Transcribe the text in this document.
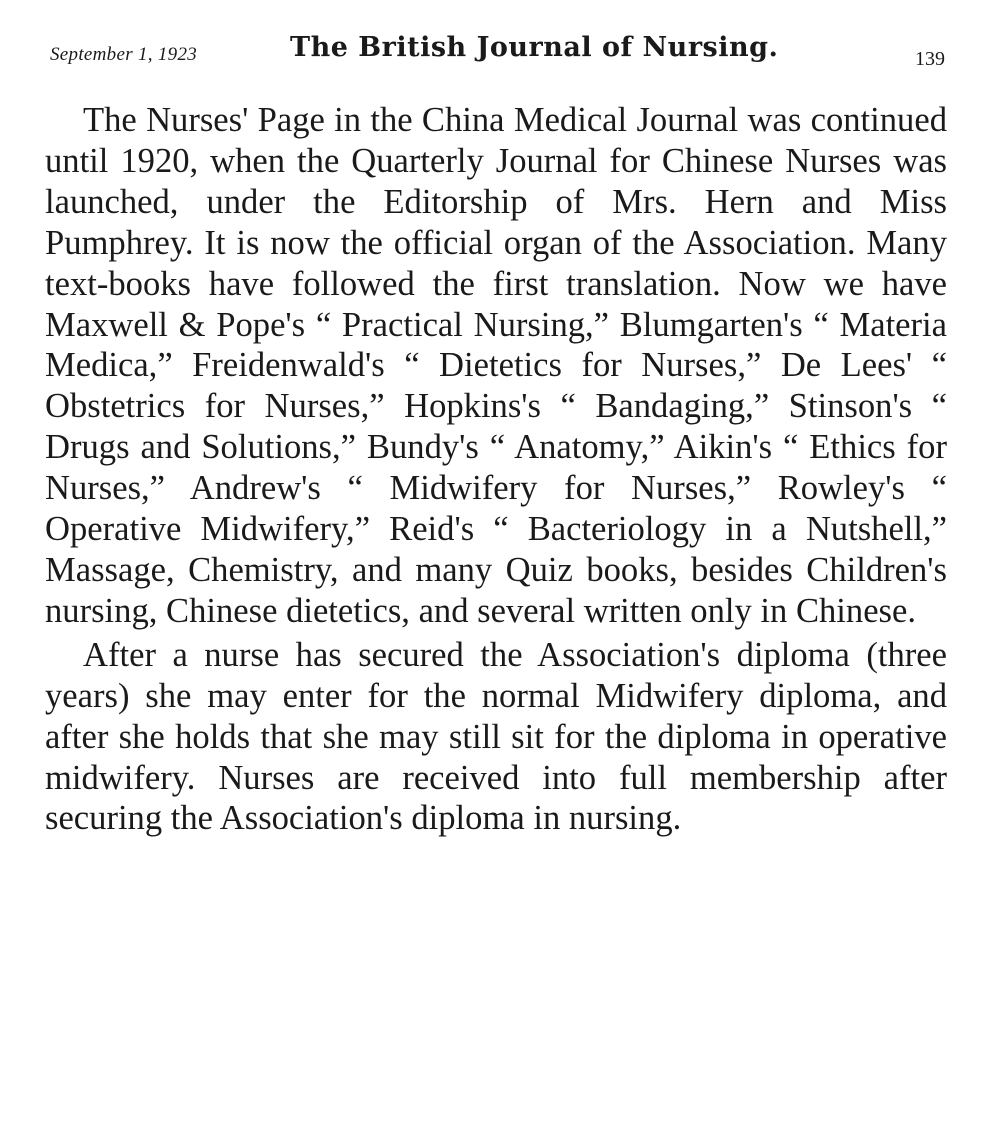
September 1, 1923	The British Journal of Nursing.	139

The Nurses' Page in the China Medical Journal was continued until 1920, when the Quarterly Journal for Chinese Nurses was launched, under the Editorship of Mrs. Hern and Miss Pumphrey. It is now the official organ of the Association. Many text-books have followed the first translation. Now we have Maxwell & Pope's “ Practical Nursing,” Blumgarten's “ Materia Medica,” Freidenwald's “ Dietetics for Nurses,” De Lees' “ Obstetrics for Nurses,” Hopkins's “ Bandaging,” Stinson's “ Drugs and Solutions,” Bundy's “ Anatomy,” Aikin's “ Ethics for Nurses,” Andrew's “ Midwifery for Nurses,” Rowley's “ Operative Midwifery,” Reid's “ Bacteriology in a Nutshell,” Massage, Chemistry, and many Quiz books, besides Children's nursing, Chinese dietetics, and several written only in Chinese.

After a nurse has secured the Association's diploma (three years) she may enter for the normal Midwifery diploma, and after she holds that she may still sit for the diploma in operative midwifery. Nurses are received into full membership after securing the Association's diploma in nursing.
